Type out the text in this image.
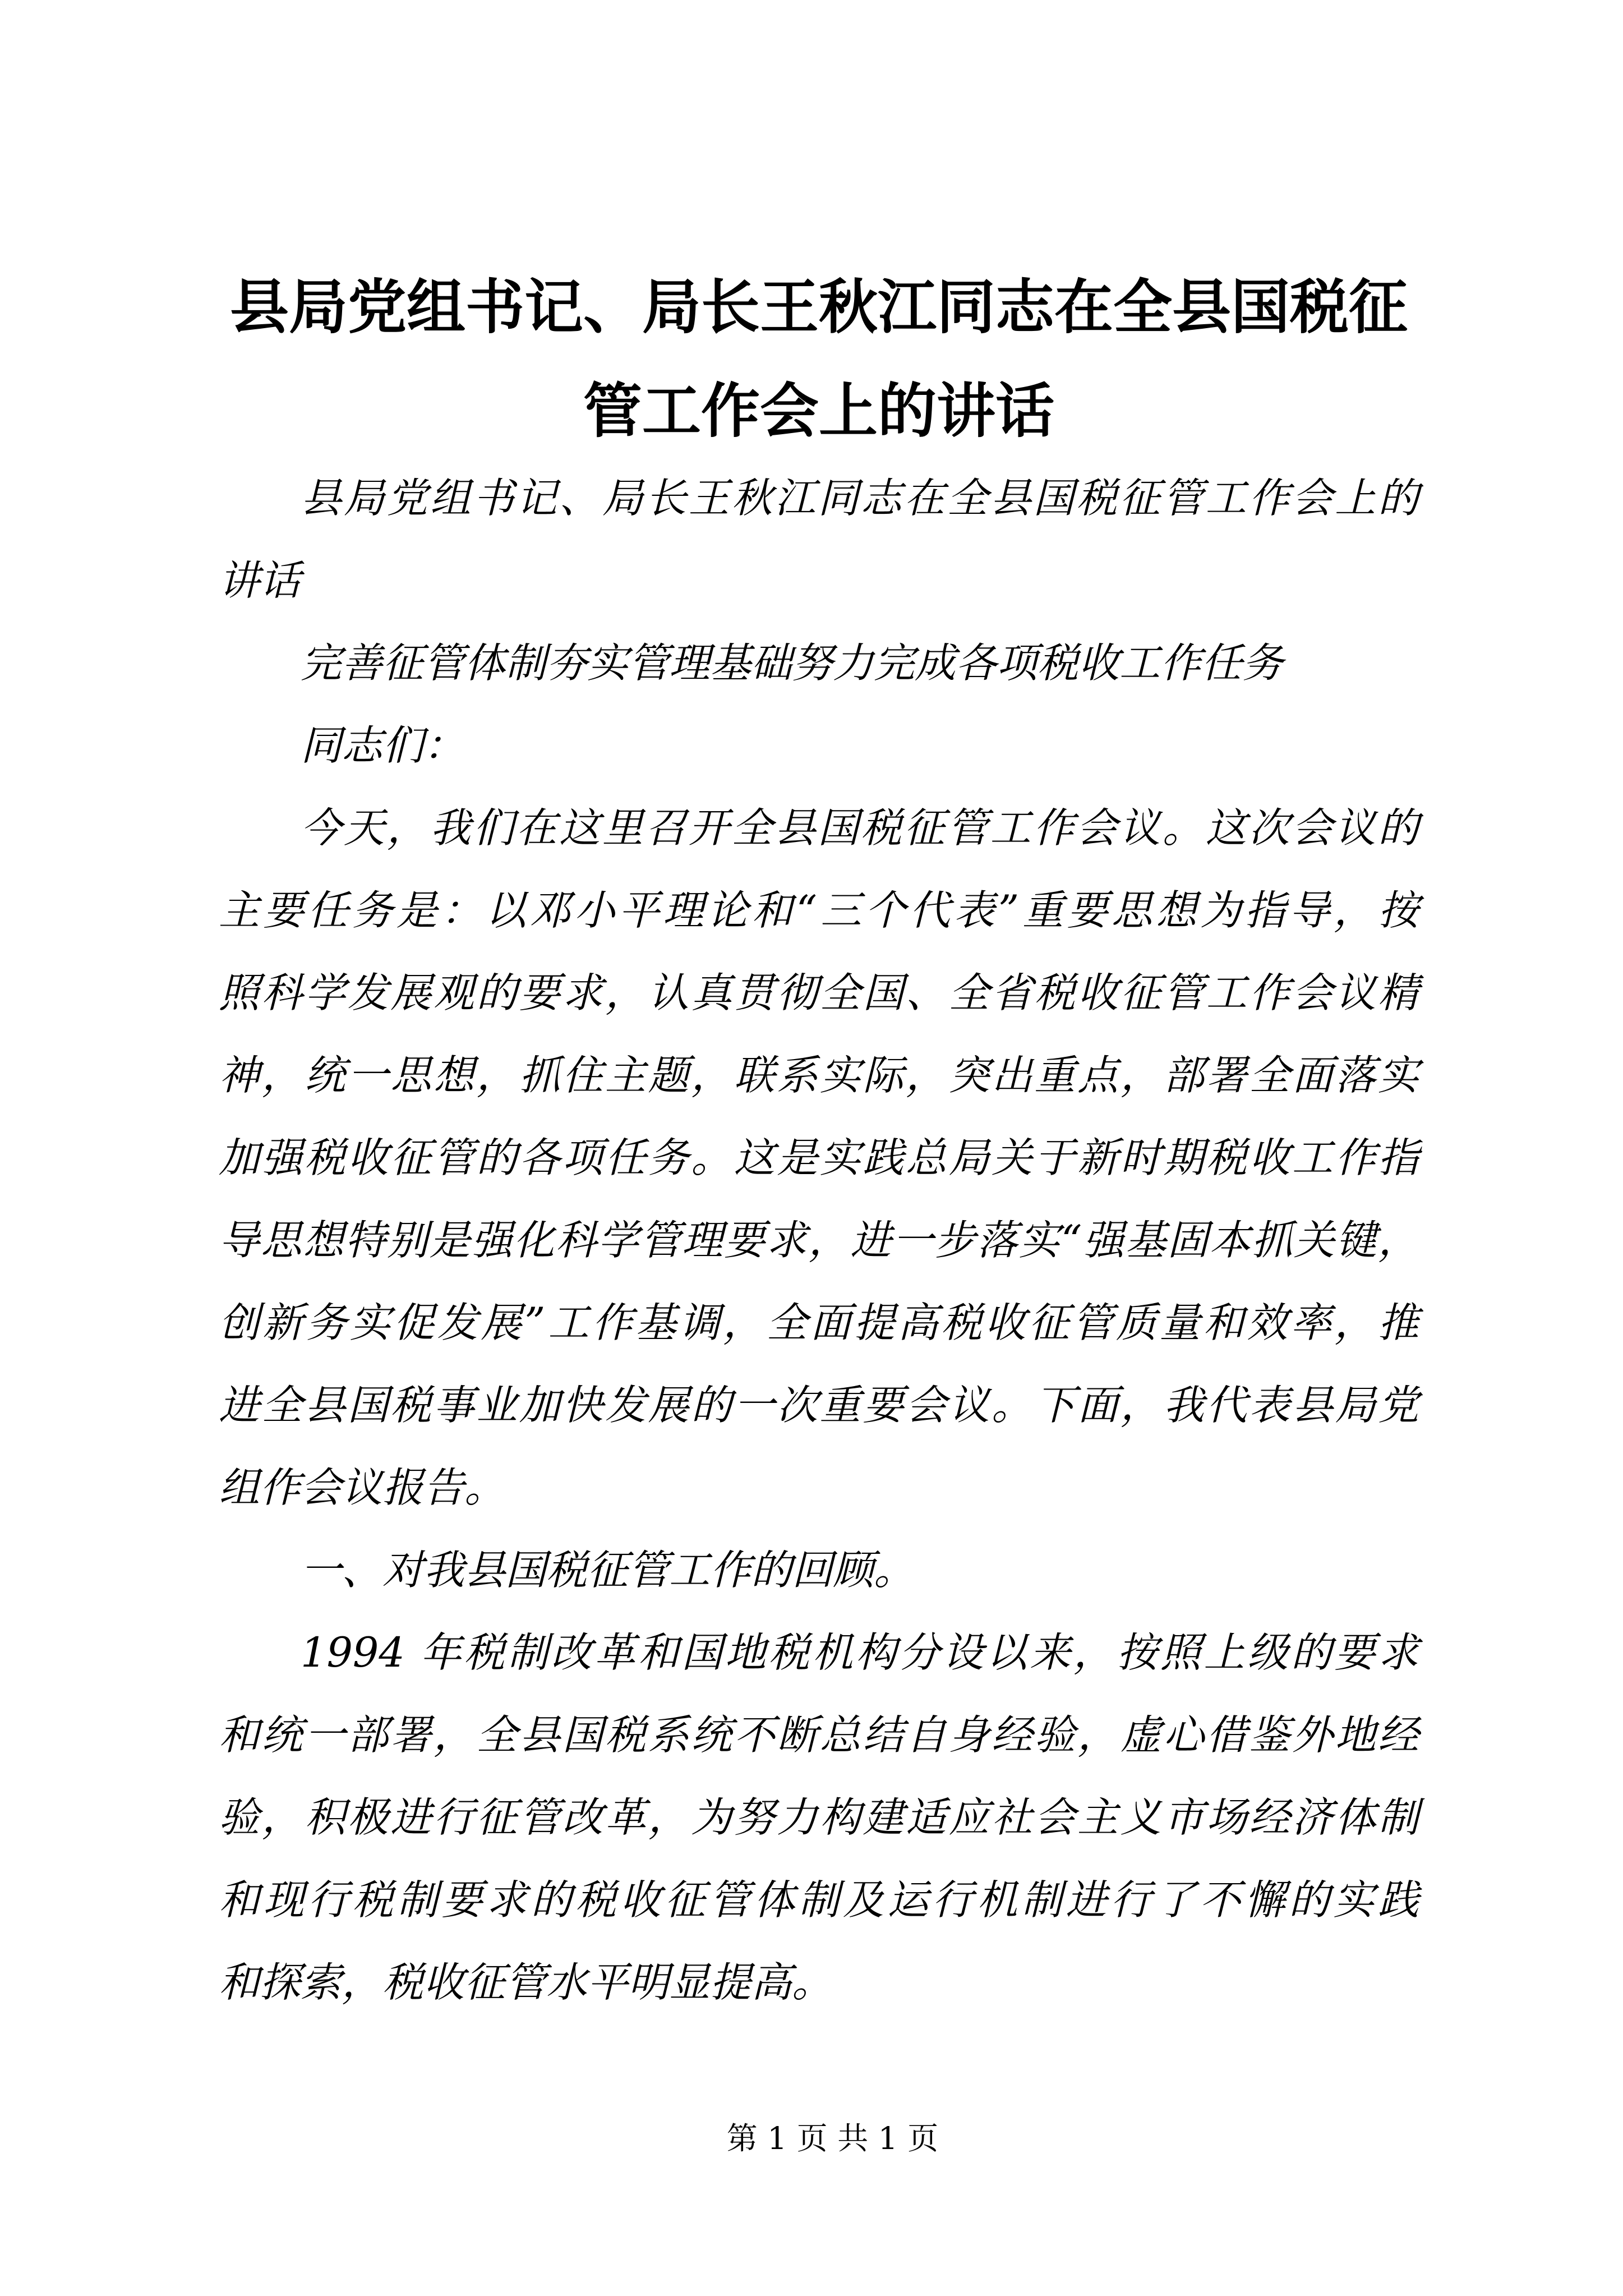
县局党组书记、局长王秋江同志在全县国税征
管工作会上的讲话
县局党组书记、局长王秋江同志在全县国税征管工作会上的
讲话
完善征管体制夯实管理基础努力完成各项税收工作任务
同志们：
今天，我们在这里召开全县国税征管工作会议。这次会议的
主要任务是：以邓小平理论和“三个代表”重要思想为指导，按
照科学发展观的要求，认真贯彻全国、全省税收征管工作会议精
神，统一思想，抓住主题，联系实际，突出重点，部署全面落实
加强税收征管的各项任务。这是实践总局关于新时期税收工作指
导思想特别是强化科学管理要求，进一步落实“强基固本抓关键，
创新务实促发展”工作基调，全面提高税收征管质量和效率，推
进全县国税事业加快发展的一次重要会议。下面，我代表县局党
组作会议报告。
一、对我县国税征管工作的回顾。
1994 年税制改革和国地税机构分设以来，按照上级的要求
和统一部署，全县国税系统不断总结自身经验，虚心借鉴外地经
验，积极进行征管改革，为努力构建适应社会主义市场经济体制
和现行税制要求的税收征管体制及运行机制进行了不懈的实践
和探索，税收征管水平明显提高。
第 1 页 共 1 页
